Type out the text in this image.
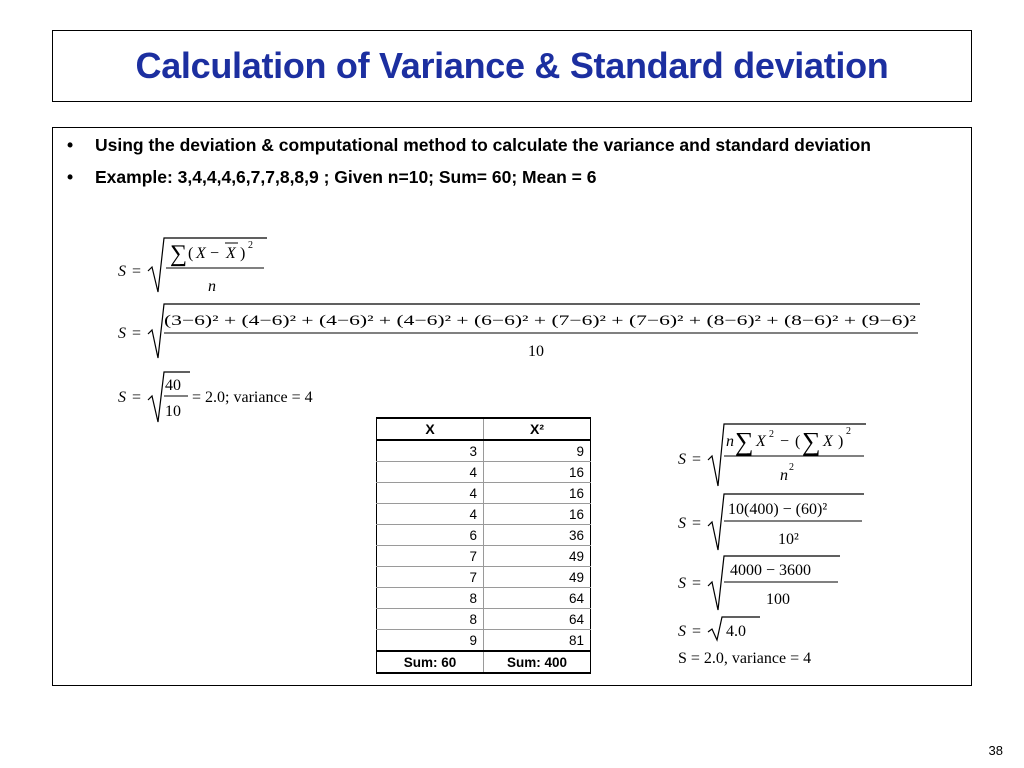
Calculation of Variance & Standard deviation
• Using the deviation & computational method to calculate the variance and standard deviation
• Example: 3,4,4,4,6,7,7,8,8,9 ; Given n=10; Sum= 60; Mean = 6
S =
∑ ( X − X ) 2
n
S =
(3−6)² + (4−6)² + (4−6)² + (4−6)² + (6−6)² + (7−6)² + (7−6)² + (8−6)² + (8−6)² + (9−6)²
10
S =
40
10
= 2.0; variance = 4
X	X²
3	9
4	16
4	16
4	16
6	36
7	49
7	49
8	64
8	64
9	81
Sum: 60	Sum: 400
S =
n ∑ X 2 − ( ∑ X )
2
n 2
S =
10(400) − (60)²
10²
S =
4000 − 3600
100
S = 4.0
S = 2.0, variance = 4
38
